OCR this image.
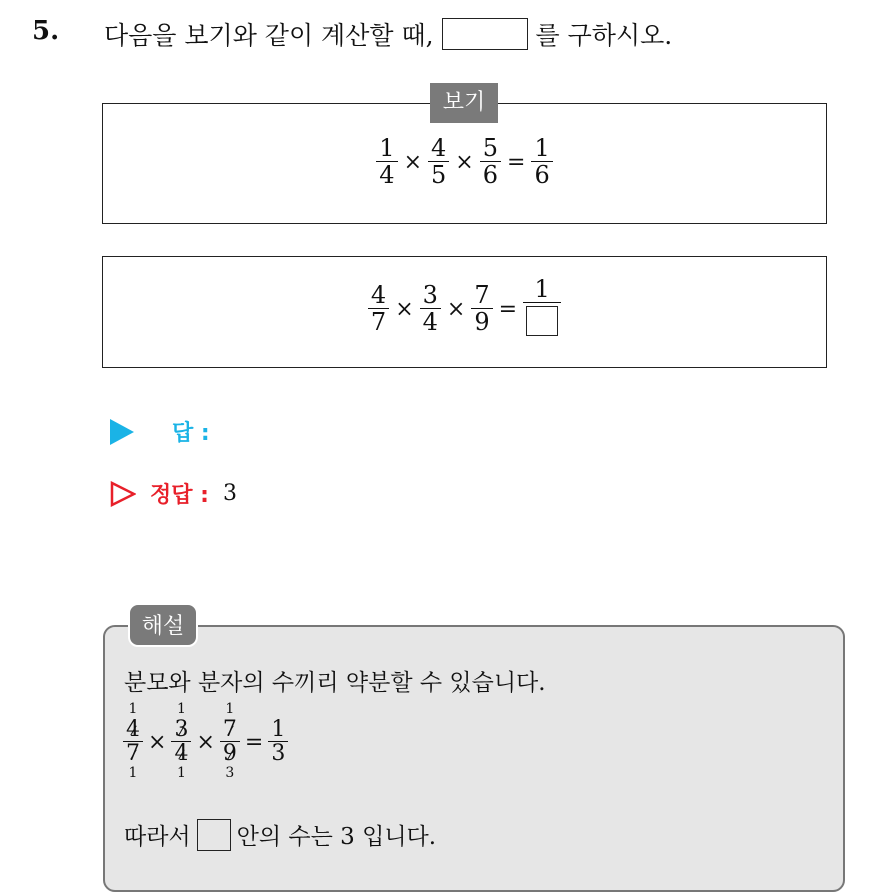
5. 다음을 보기와 같이 계산할 때,	를 구하시오.
$\frac{1}{4} \times \frac{4}{5} \times \frac{5}{6} = \frac{1}{6}$
보기
$\frac{4}{7} \times \frac{3}{4} \times \frac{7}{9}$ =
1
답 :
정답 : 3
해설
분모와 분자의 수끼리 약분할 수 있습니다.
1
4
7
1
×
1
3
4
1
×
1
7
9
3
= $\frac{1}{3}$
따라서 안의 수는 3 입니다.
